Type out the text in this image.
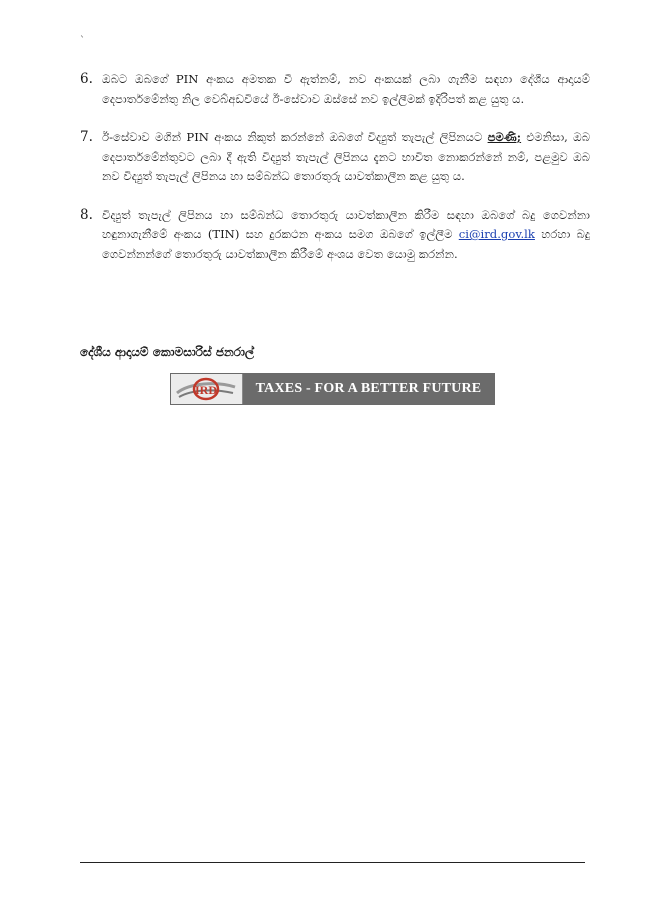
`
6. ඔබට ඔබගේ PIN අංකය අමතක වී ඇත්නම්, නව අංකයක් ලබා ගැනීම සඳහා දේශීය ආදායම් දෙපාර්තමේන්තු නිල වෙබ්අඩවියේ ඊ-සේවාව ඔස්සේ නව ඉල්ලීමක් ඉදිරිපත් කළ යුතු ය.
7. ඊ-සේවාව මගින් PIN අංකය නිකුත් කරන්නේ ඔබගේ විද්‍යුත් තැපැල් ලිපිනයට පමණි; එමනිසා, ඔබ දෙපාර්තමේන්තුවට ලබා දී ඇති විද්‍යුත් තැපැල් ලිපිනය දැනට භාවිත නොකරන්නේ නම්, පළමුව ඔබ නව විද්‍යුත් තැපැල් ලිපිනය හා සම්බන්ධ තොරතුරු යාවත්කාලීන කළ යුතු ය.
8. විද්‍යුත් තැපැල් ලිපිනය හා සම්බන්ධ තොරතුරු යාවත්කාලීන කිරීම සඳහා ඔබගේ බදු ගෙවන්නා හඳුනාගැනීමේ අංකය (TIN) සහ දුරකථන අංකය සමග ඔබගේ ඉල්ලීම ci@ird.gov.lk හරහා බදු ගෙවන්නන්ගේ තොරතුරු යාවත්කාලීන කිරීමේ අංශය වෙත යොමු කරන්න.
දේශීය ආදායම් කොමසාරිස් ජනරාල්
IRD	TAXES - FOR A BETTER FUTURE
